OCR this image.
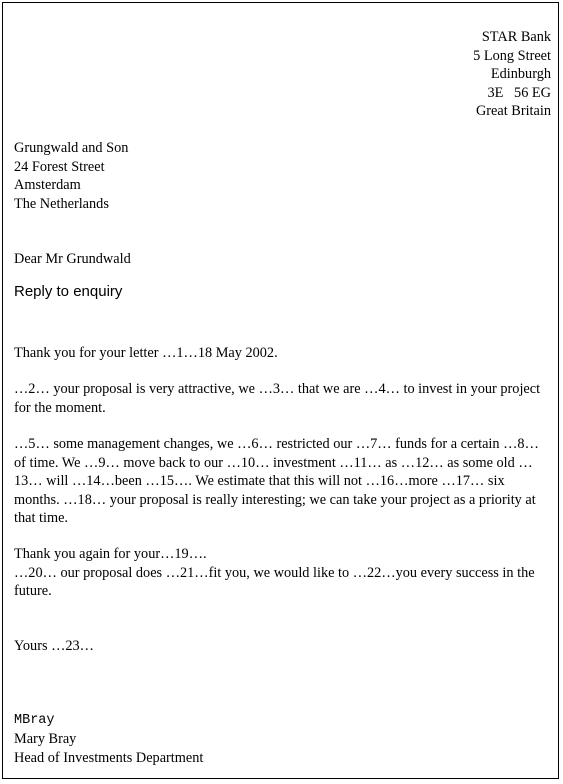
STAR Bank
5 Long Street
Edinburgh
3E   56 EG
Great Britain
Grungwald and Son
24 Forest Street
Amsterdam
The Netherlands
Dear Mr Grundwald
Reply to enquiry
Thank you for your letter …1…18 May 2002.
…2… your proposal is very attractive, we …3… that we are …4… to invest in your project for the moment.
…5… some management changes, we …6… restricted our …7… funds for a certain …8…of time. We …9… move back to our …10… investment …11… as …12… as some old …13… will …14…been …15…. We estimate that this will not …16…more …17… six months. …18… your proposal is really interesting; we can take your project as a priority at that time.
Thank you again for your…19….
…20… our proposal does …21…fit you, we would like to …22…you every success in the future.
Yours …23…
MBray
Mary Bray
Head of Investments Department
